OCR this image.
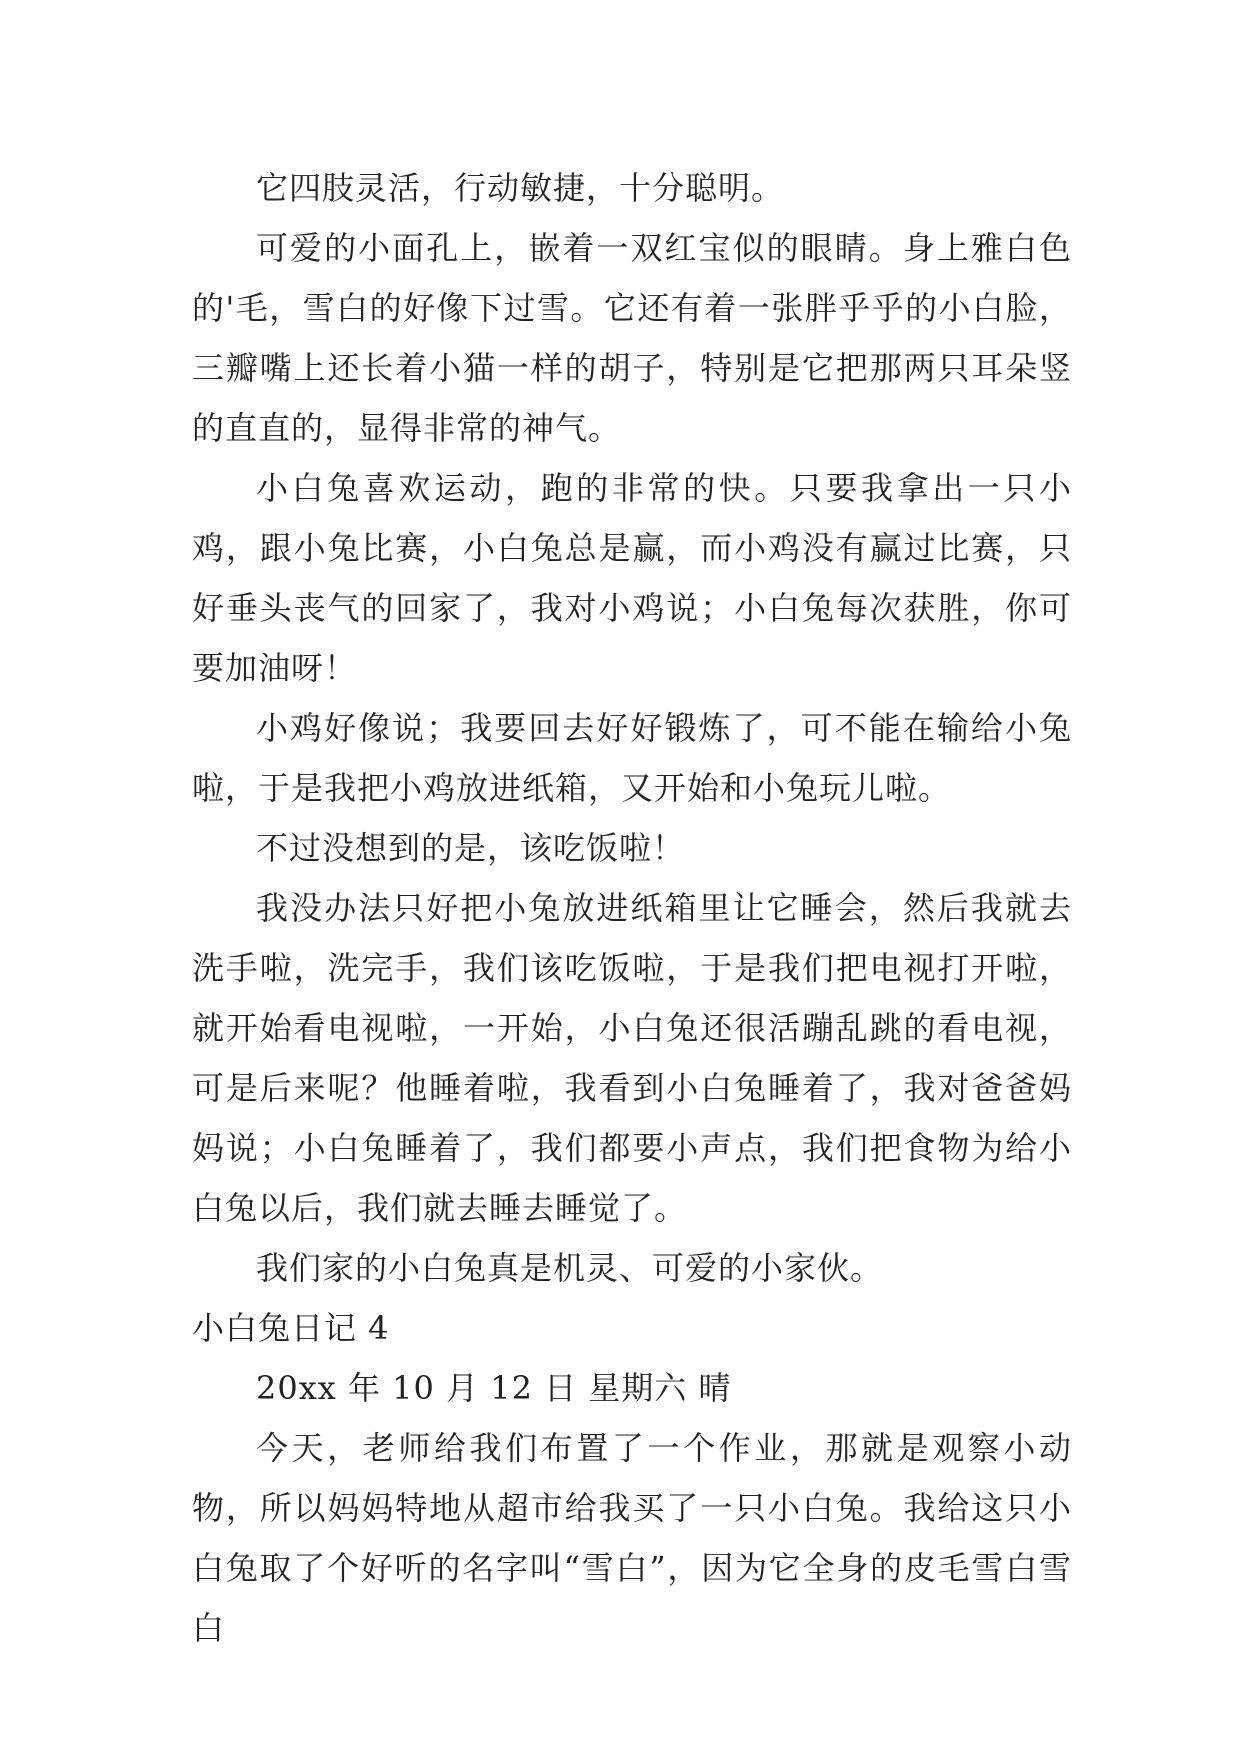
它四肢灵活，行动敏捷，十分聪明。

可爱的小面孔上，嵌着一双红宝似的眼睛。身上雅白色的'毛，雪白的好像下过雪。它还有着一张胖乎乎的小白脸，三瓣嘴上还长着小猫一样的胡子，特别是它把那两只耳朵竖的直直的，显得非常的神气。

小白兔喜欢运动，跑的非常的快。只要我拿出一只小鸡，跟小兔比赛，小白兔总是赢，而小鸡没有赢过比赛，只好垂头丧气的回家了，我对小鸡说；小白兔每次获胜，你可要加油呀！

小鸡好像说；我要回去好好锻炼了，可不能在输给小兔啦，于是我把小鸡放进纸箱，又开始和小兔玩儿啦。

不过没想到的是，该吃饭啦！

我没办法只好把小兔放进纸箱里让它睡会，然后我就去洗手啦，洗完手，我们该吃饭啦，于是我们把电视打开啦，就开始看电视啦，一开始，小白兔还很活蹦乱跳的看电视，可是后来呢？他睡着啦，我看到小白兔睡着了，我对爸爸妈妈说；小白兔睡着了，我们都要小声点，我们把食物为给小白兔以后，我们就去睡去睡觉了。

我们家的小白兔真是机灵、可爱的小家伙。

小白兔日记 4

20xx 年 10 月 12 日 星期六 晴

今天，老师给我们布置了一个作业，那就是观察小动物，所以妈妈特地从超市给我买了一只小白兔。我给这只小白兔取了个好听的名字叫“雪白”，因为它全身的皮毛雪白雪白
